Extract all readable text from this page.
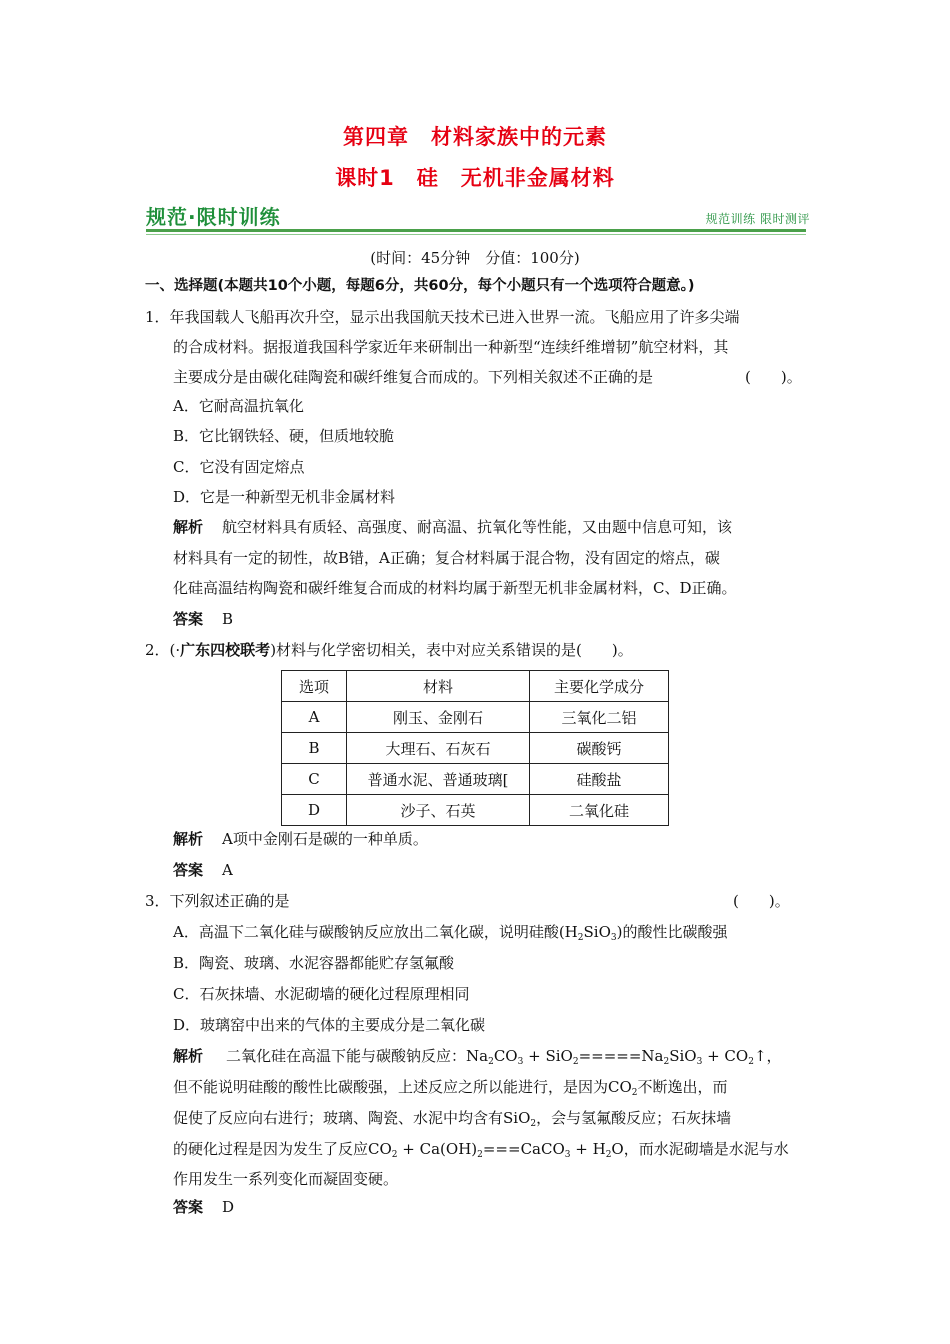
第四章　材料家族中的元素
课时1　硅　无机非金属材料
规范·限时训练	规范训练 限时测评
(时间：45分钟　分值：100分)
一、选择题(本题共10个小题，每题6分，共60分，每个小题只有一个选项符合题意。)
1．年我国载人飞船再次升空，显示出我国航天技术已进入世界一流。飞船应用了许多尖端
的合成材料。据报道我国科学家近年来研制出一种新型“连续纤维增韧”航空材料，其
主要成分是由碳化硅陶瓷和碳纤维复合而成的。下列相关叙述不正确的是	(　　)。
A．它耐高温抗氧化
B．它比钢铁轻、硬，但质地较脆
C．它没有固定熔点
D．它是一种新型无机非金属材料
解析 航空材料具有质轻、高强度、耐高温、抗氧化等性能，又由题中信息可知，该
材料具有一定的韧性，故B错，A正确；复合材料属于混合物，没有固定的熔点，碳
化硅高温结构陶瓷和碳纤维复合而成的材料均属于新型无机非金属材料，C、D正确。
答案 B
2．(·广东四校联考)材料与化学密切相关，表中对应关系错误的是(　　)。
选项	材料	主要化学成分
A	刚玉、金刚石	三氧化二铝
B	大理石、石灰石	碳酸钙
C	普通水泥、普通玻璃[	硅酸盐
D	沙子、石英	二氧化硅
解析 A项中金刚石是碳的一种单质。
答案 A
3．下列叙述正确的是	(　　)。
A．高温下二氧化硅与碳酸钠反应放出二氧化碳，说明硅酸$(H_2SiO_3)$的酸性比碳酸强
B．陶瓷、玻璃、水泥容器都能贮存氢氟酸
C．石灰抹墙、水泥砌墙的硬化过程原理相同
D．玻璃窑中出来的气体的主要成分是二氧化碳
解析 二氧化硅在高温下能与碳酸钠反应：$Na_2CO_3 + SiO_2=====Na_2SiO_3$ + $CO_2↑$，
但不能说明硅酸的酸性比碳酸强，上述反应之所以能进行，是因为$CO_2$不断逸出，而
促使了反应向右进行；玻璃、陶瓷、水泥中均含有SiO$_2$，会与氢氟酸反应；石灰抹墙
的硬化过程是因为发生了反应$CO_2$ + $Ca(OH)_2===CaCO_3 + H_2O$，而水泥砌墙是水泥与水
作用发生一系列变化而凝固变硬。
答案 D
